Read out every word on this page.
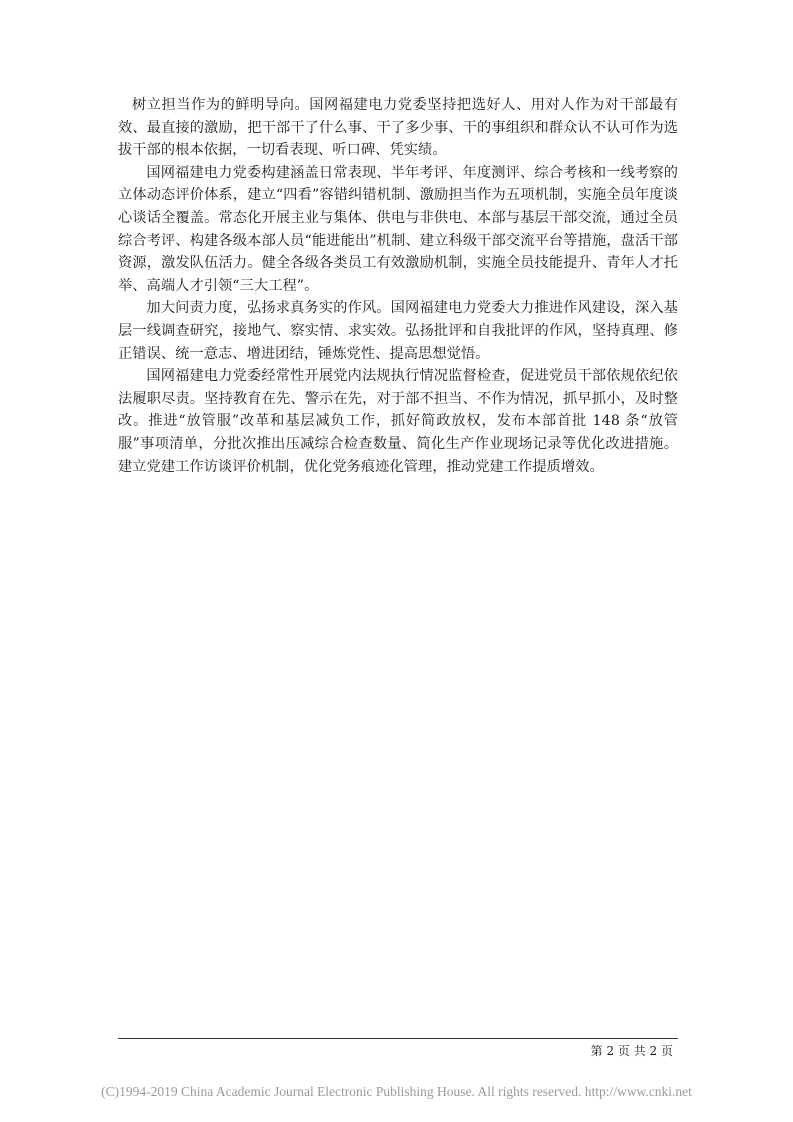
树立担当作为的鲜明导向。国网福建电力党委坚持把选好人、用对人作为对干部最有效、最直接的激励，把干部干了什么事、干了多少事、干的事组织和群众认不认可作为选拔干部的根本依据，一切看表现、听口碑、凭实绩。

国网福建电力党委构建涵盖日常表现、半年考评、年度测评、综合考核和一线考察的立体动态评价体系，建立“四看”容错纠错机制、激励担当作为五项机制，实施全员年度谈心谈话全覆盖。常态化开展主业与集体、供电与非供电、本部与基层干部交流，通过全员综合考评、构建各级本部人员“能进能出”机制、建立科级干部交流平台等措施，盘活干部资源，激发队伍活力。健全各级各类员工有效激励机制，实施全员技能提升、青年人才托举、高端人才引领“三大工程”。

加大问责力度，弘扬求真务实的作风。国网福建电力党委大力推进作风建设，深入基层一线调查研究，接地气、察实情、求实效。弘扬批评和自我批评的作风，坚持真理、修正错误、统一意志、增进团结，锤炼党性、提高思想觉悟。

国网福建电力党委经常性开展党内法规执行情况监督检查，促进党员干部依规依纪依法履职尽责。坚持教育在先、警示在先，对于部不担当、不作为情况，抓早抓小，及时整改。推进“放管服”改革和基层减负工作，抓好简政放权，发布本部首批 148 条“放管服”事项清单，分批次推出压减综合检查数量、简化生产作业现场记录等优化改进措施。建立党建工作访谈评价机制，优化党务痕迹化管理，推动党建工作提质增效。

第 2 页 共 2 页
(C)1994-2019 China Academic Journal Electronic Publishing House. All rights reserved. http://www.cnki.net
